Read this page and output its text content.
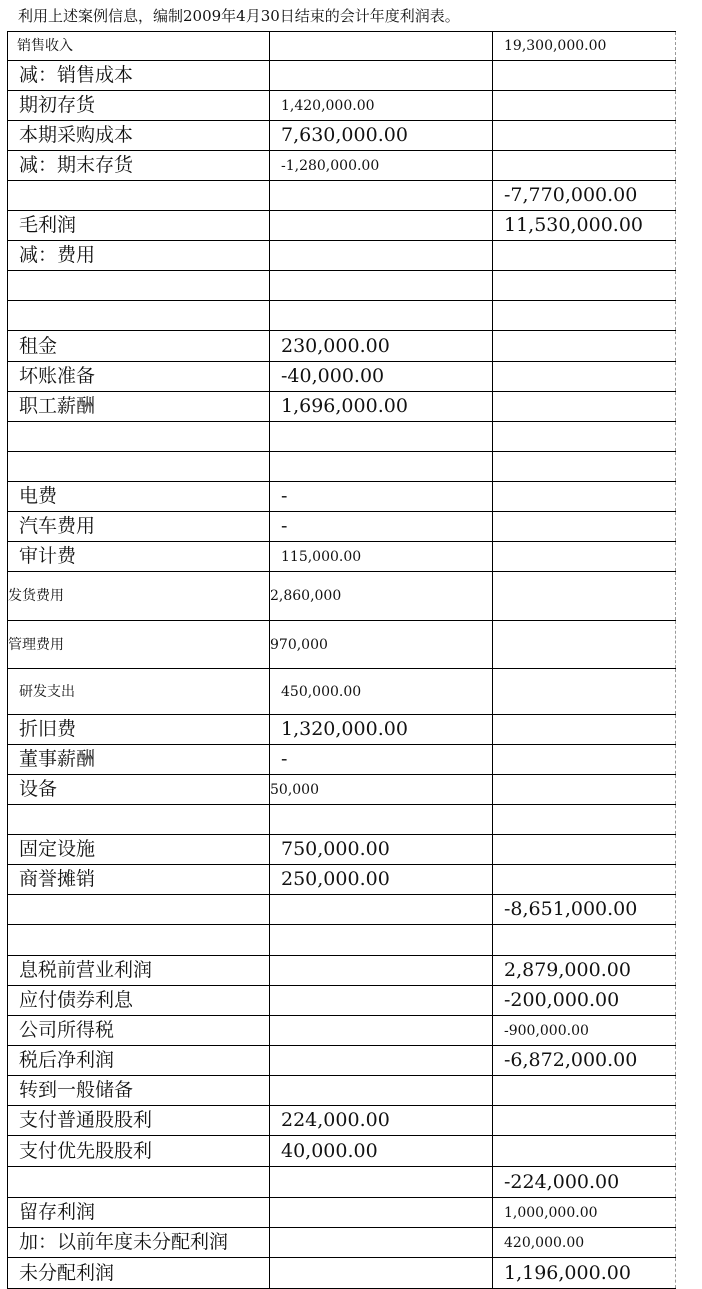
利用上述案例信息，编制2009年4月30日结束的会计年度利润表。
销售收入		19,300,000.00
减：销售成本		
期初存货	1,420,000.00	
本期采购成本	7,630,000.00	
减：期末存货	-1,280,000.00	
		-7,770,000.00
毛利润		11,530,000.00
减：费用		

租金	230,000.00	
坏账准备	-40,000.00	
职工薪酬	1,696,000.00	

电费	-	
汽车费用	-	
审计费	115,000.00	
发货费用	2,860,000	
管理费用	970,000	
研发支出	450,000.00	
折旧费	1,320,000.00	
董事薪酬	-	
设备	50,000	

固定设施	750,000.00	
商誉摊销	250,000.00	
		-8,651,000.00

息税前营业利润		2,879,000.00
应付债券利息		-200,000.00
公司所得税		-900,000.00
税后净利润		-6,872,000.00
转到一般储备		
支付普通股股利	224,000.00	
支付优先股股利	40,000.00	
		-224,000.00
留存利润		1,000,000.00
加：以前年度未分配利润		420,000.00
未分配利润		1,196,000.00
